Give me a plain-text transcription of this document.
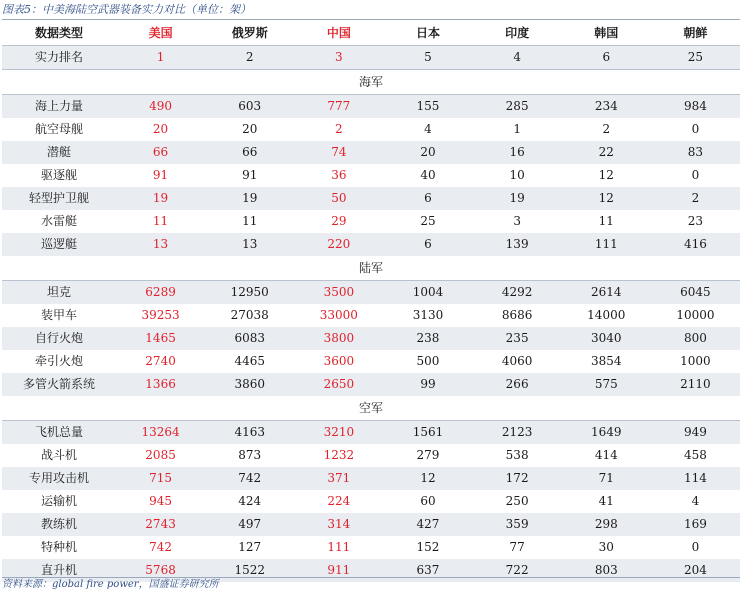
图表5：中美海陆空武器装备实力对比（单位：架）
数据类型	美国	俄罗斯	中国	日本	印度	韩国	朝鲜
实力排名	1	2	3	5	4	6	25

海军							

海上力量	490	603	777	155	285	234	984
航空母舰	20	20	2	4	1	2	0
潜艇	66	66	74	20	16	22	83
驱逐舰	91	91	36	40	10	12	0
轻型护卫舰	19	19	50	6	19	12	2
水雷艇	11	11	29	25	3	11	23
巡逻艇	13	13	220	6	139	111	416
陆军							

坦克	6289	12950	3500	1004	4292	2614	6045
装甲车	39253	27038	33000	3130	8686	14000	10000
自行火炮	1465	6083	3800	238	235	3040	800
牵引火炮	2740	4465	3600	500	4060	3854	1000
多管火箭系统	1366	3860	2650	99	266	575	2110
空军							

飞机总量	13264	4163	3210	1561	2123	1649	949
战斗机	2085	873	1232	279	538	414	458
专用攻击机	715	742	371	12	172	71	114
运输机	945	424	224	60	250	41	4
教练机	2743	497	314	427	359	298	169
特种机	742	127	111	152	77	30	0
直升机	5768	1522	911	637	722	803	204
资料来源：global fire power，国盛证券研究所
